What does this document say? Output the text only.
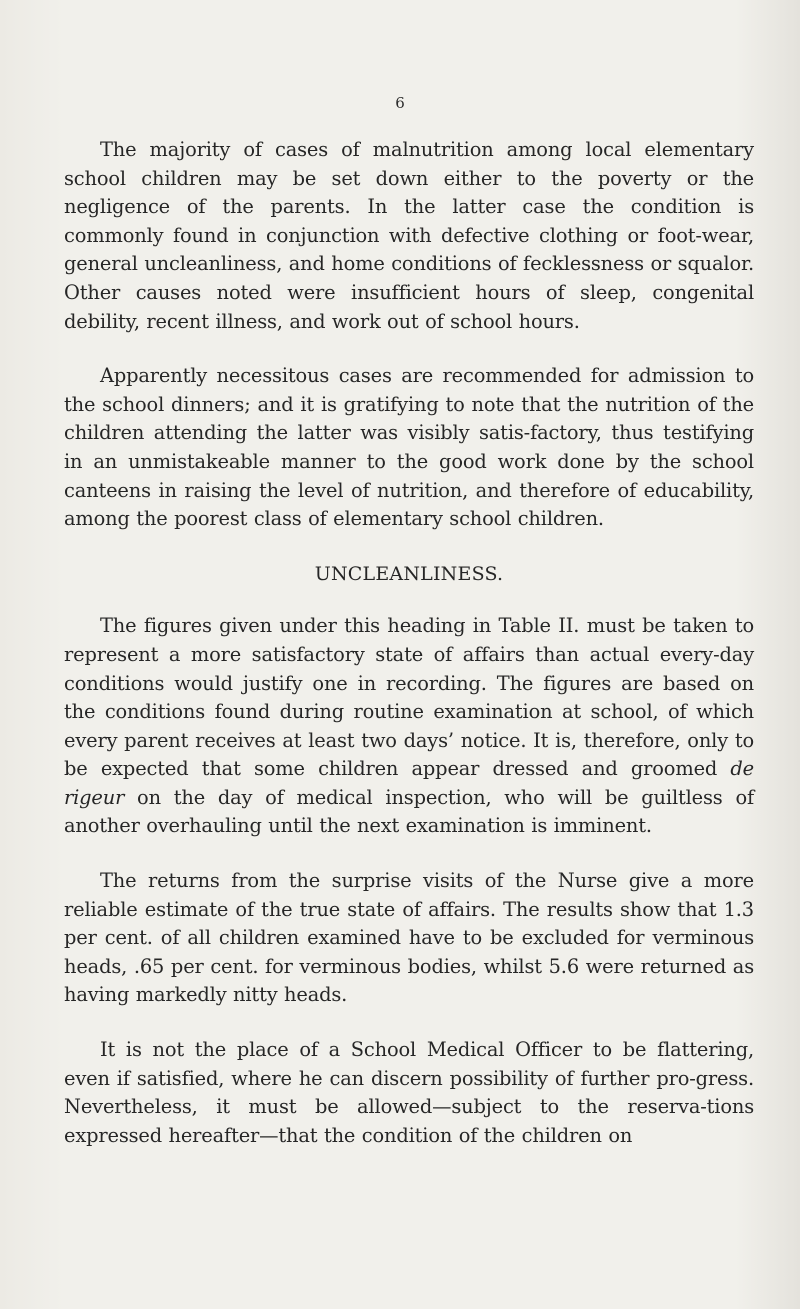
6

The majority of cases of malnutrition among local elementary school children may be set down either to the poverty or the negligence of the parents. In the latter case the condition is commonly found in conjunction with defective clothing or foot-wear, general uncleanliness, and home conditions of fecklessness or squalor. Other causes noted were insufficient hours of sleep, congenital debility, recent illness, and work out of school hours.

Apparently necessitous cases are recommended for admission to the school dinners; and it is gratifying to note that the nutrition of the children attending the latter was visibly satis-factory, thus testifying in an unmistakeable manner to the good work done by the school canteens in raising the level of nutrition, and therefore of educability, among the poorest class of elementary school children.

UNCLEANLINESS.

The figures given under this heading in Table II. must be taken to represent a more satisfactory state of affairs than actual every-day conditions would justify one in recording. The figures are based on the conditions found during routine examination at school, of which every parent receives at least two days’ notice. It is, therefore, only to be expected that some children appear dressed and groomed de rigeur on the day of medical inspection, who will be guiltless of another overhauling until the next examination is imminent.

The returns from the surprise visits of the Nurse give a more reliable estimate of the true state of affairs. The results show that 1.3 per cent. of all children examined have to be excluded for verminous heads, .65 per cent. for verminous bodies, whilst 5.6 were returned as having markedly nitty heads.

It is not the place of a School Medical Officer to be flattering, even if satisfied, where he can discern possibility of further pro-gress. Nevertheless, it must be allowed—subject to the reserva-tions expressed hereafter—that the condition of the children on
